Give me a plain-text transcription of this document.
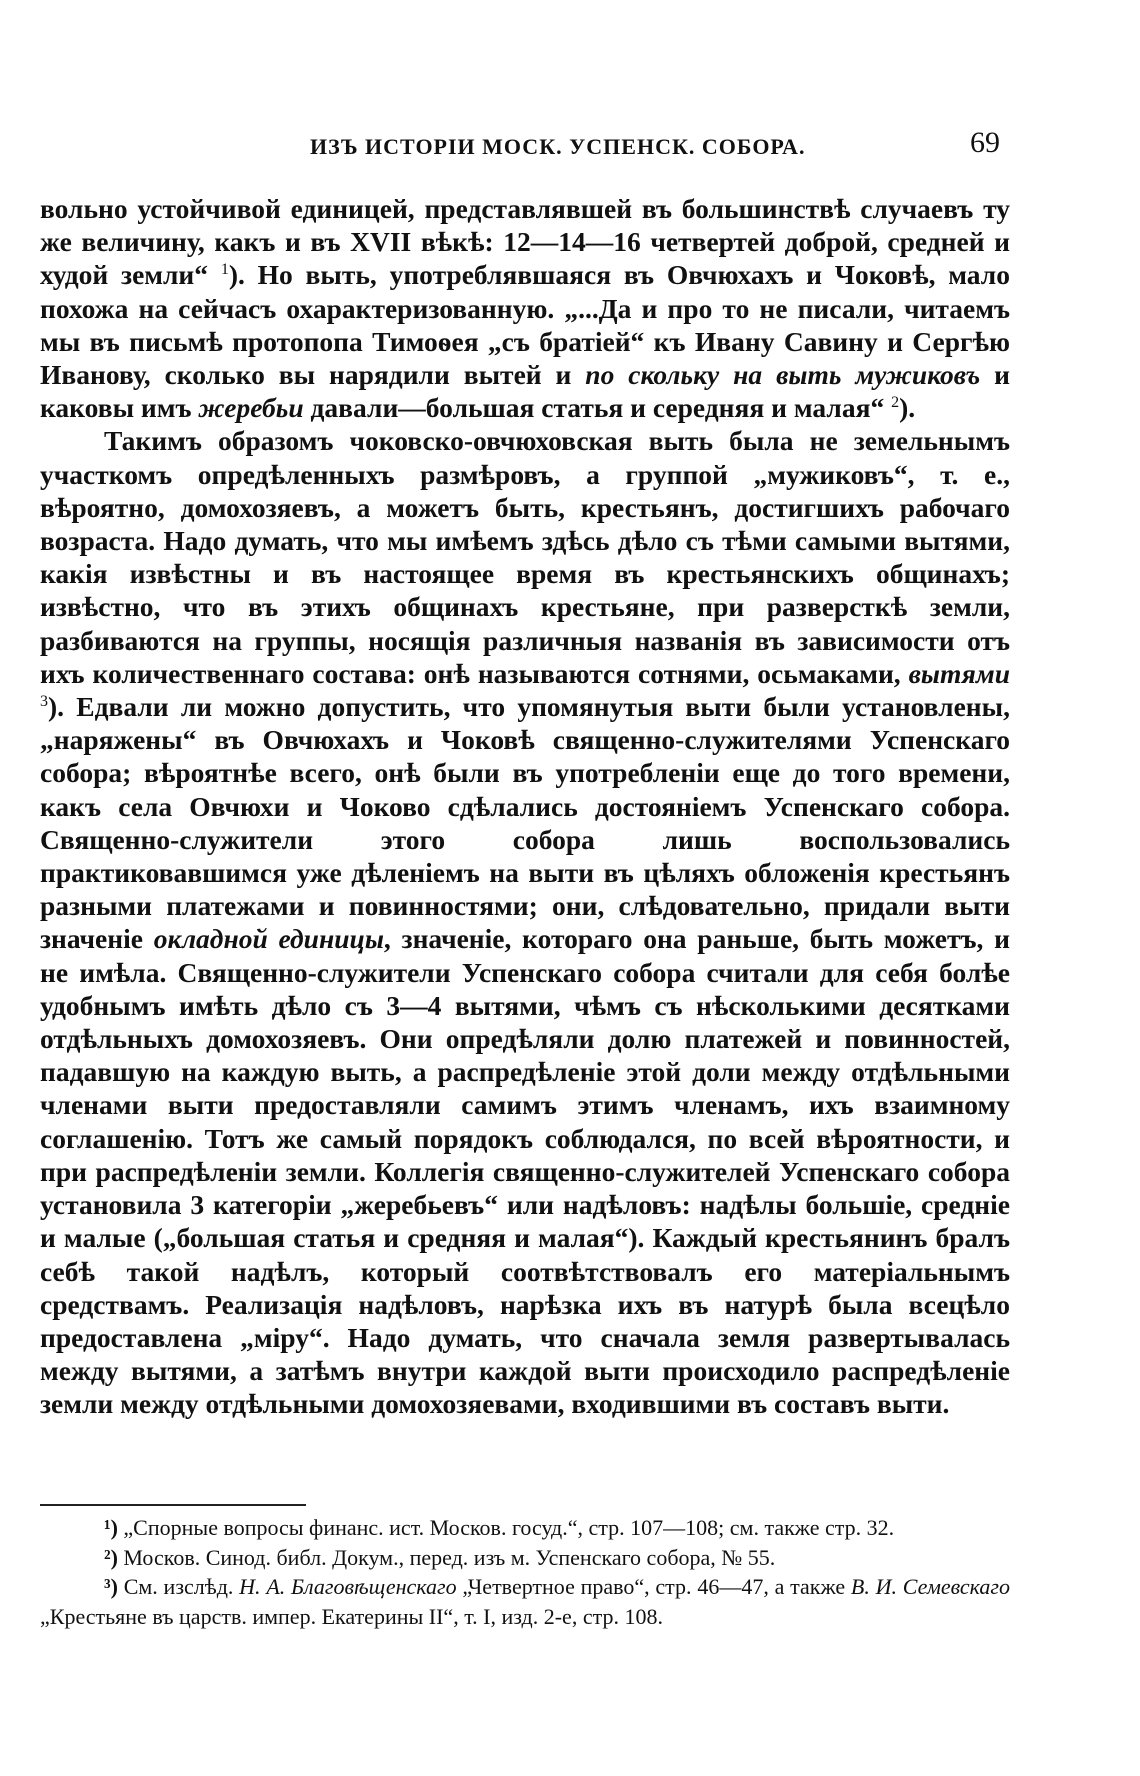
ИЗЪ ИСТОРІИ МОСК. УСПЕНСК. СОБОРА.	69

вольно устойчивой единицей, представлявшей въ большинствѣ случаевъ ту же величину, какъ и въ XVII вѣкѣ: 12—14—16 четвертей доброй, средней и худой земли“ $^1$). Но выть, употреблявшаяся въ Овчюхахъ и Чоковѣ, мало похожа на сейчасъ охарактеризованную. „...Да и про то не писали, читаемъ мы въ письмѣ протопопа Тимоѳея „съ братіей“ къ Ивану Савину и Сергѣю Иванову, сколько вы нарядили вытей и по скольку на выть мужиковъ и каковы имъ жеребьи давали—большая статья и середняя и малая“ $^2$).

Такимъ образомъ чоковско-овчюховская выть была не земельнымъ участкомъ опредѣленныхъ размѣровъ, а группой „мужиковъ“, т. е., вѣроятно, домохозяевъ, а можетъ быть, крестьянъ, достигшихъ рабочаго возраста. Надо думать, что мы имѣемъ здѣсь дѣло съ тѣми самыми вытями, какія извѣстны и въ настоящее время въ крестьянскихъ общинахъ; извѣстно, что въ этихъ общинахъ крестьяне, при разверсткѣ земли, разбиваются на группы, носящія различныя названія въ зависимости отъ ихъ количественнаго состава: онѣ называются сотнями, осьмаками, вытями $^3$). Едвали ли можно допустить, что упомянутыя выти были установлены, „наряжены“ въ Овчюхахъ и Чоковѣ священно-служителями Успенскаго собора; вѣроятнѣе всего, онѣ были въ употребленіи еще до того времени, какъ села Овчюхи и Чоково сдѣлались достояніемъ Успенскаго собора. Священно-служители этого собора лишь воспользовались практиковавшимся уже дѣленіемъ на выти въ цѣляхъ обложенія крестьянъ разными платежами и повинностями; они, слѣдовательно, придали выти значеніе окладной единицы, значеніе, котораго она раньше, быть можетъ, и не имѣла. Священно-служители Успенскаго собора считали для себя болѣе удобнымъ имѣть дѣло съ 3—4 вытями, чѣмъ съ нѣсколькими десятками отдѣльныхъ домохозяевъ. Они опредѣляли долю платежей и повинностей, падавшую на каждую выть, а распредѣленіе этой доли между отдѣльными членами выти предоставляли самимъ этимъ членамъ, ихъ взаимному соглашенію. Тотъ же самый порядокъ соблюдался, по всей вѣроятности, и при распредѣленіи земли. Коллегія священно-служителей Успенскаго собора установила 3 категоріи „жеребьевъ“ или надѣловъ: надѣлы большіе, средніе и малые („большая статья и средняя и малая“). Каждый крестьянинъ бралъ себѣ такой надѣлъ, который соотвѣтствовалъ его матеріальнымъ средствамъ. Реализація надѣловъ, нарѣзка ихъ въ натурѣ была всецѣло предоставлена „міру“. Надо думать, что сначала земля развертывалась между вытями, а затѣмъ внутри каждой выти происходило распредѣленіе земли между отдѣльными домохозяевами, входившими въ составъ выти.

¹) „Спорные вопросы финанс. ист. Москов. госуд.“, стр. 107—108; см. также стр. 32.

²) Москов. Синод. библ. Докум., перед. изъ м. Успенскаго собора, № 55.

³) См. изслѣд. Н. А. Благовѣщенскаго „Четвертное право“, стр. 46—47, а также В. И. Семевскаго „Крестьяне въ царств. импер. Екатерины II“, т. I, изд. 2-е, стр. 108.
